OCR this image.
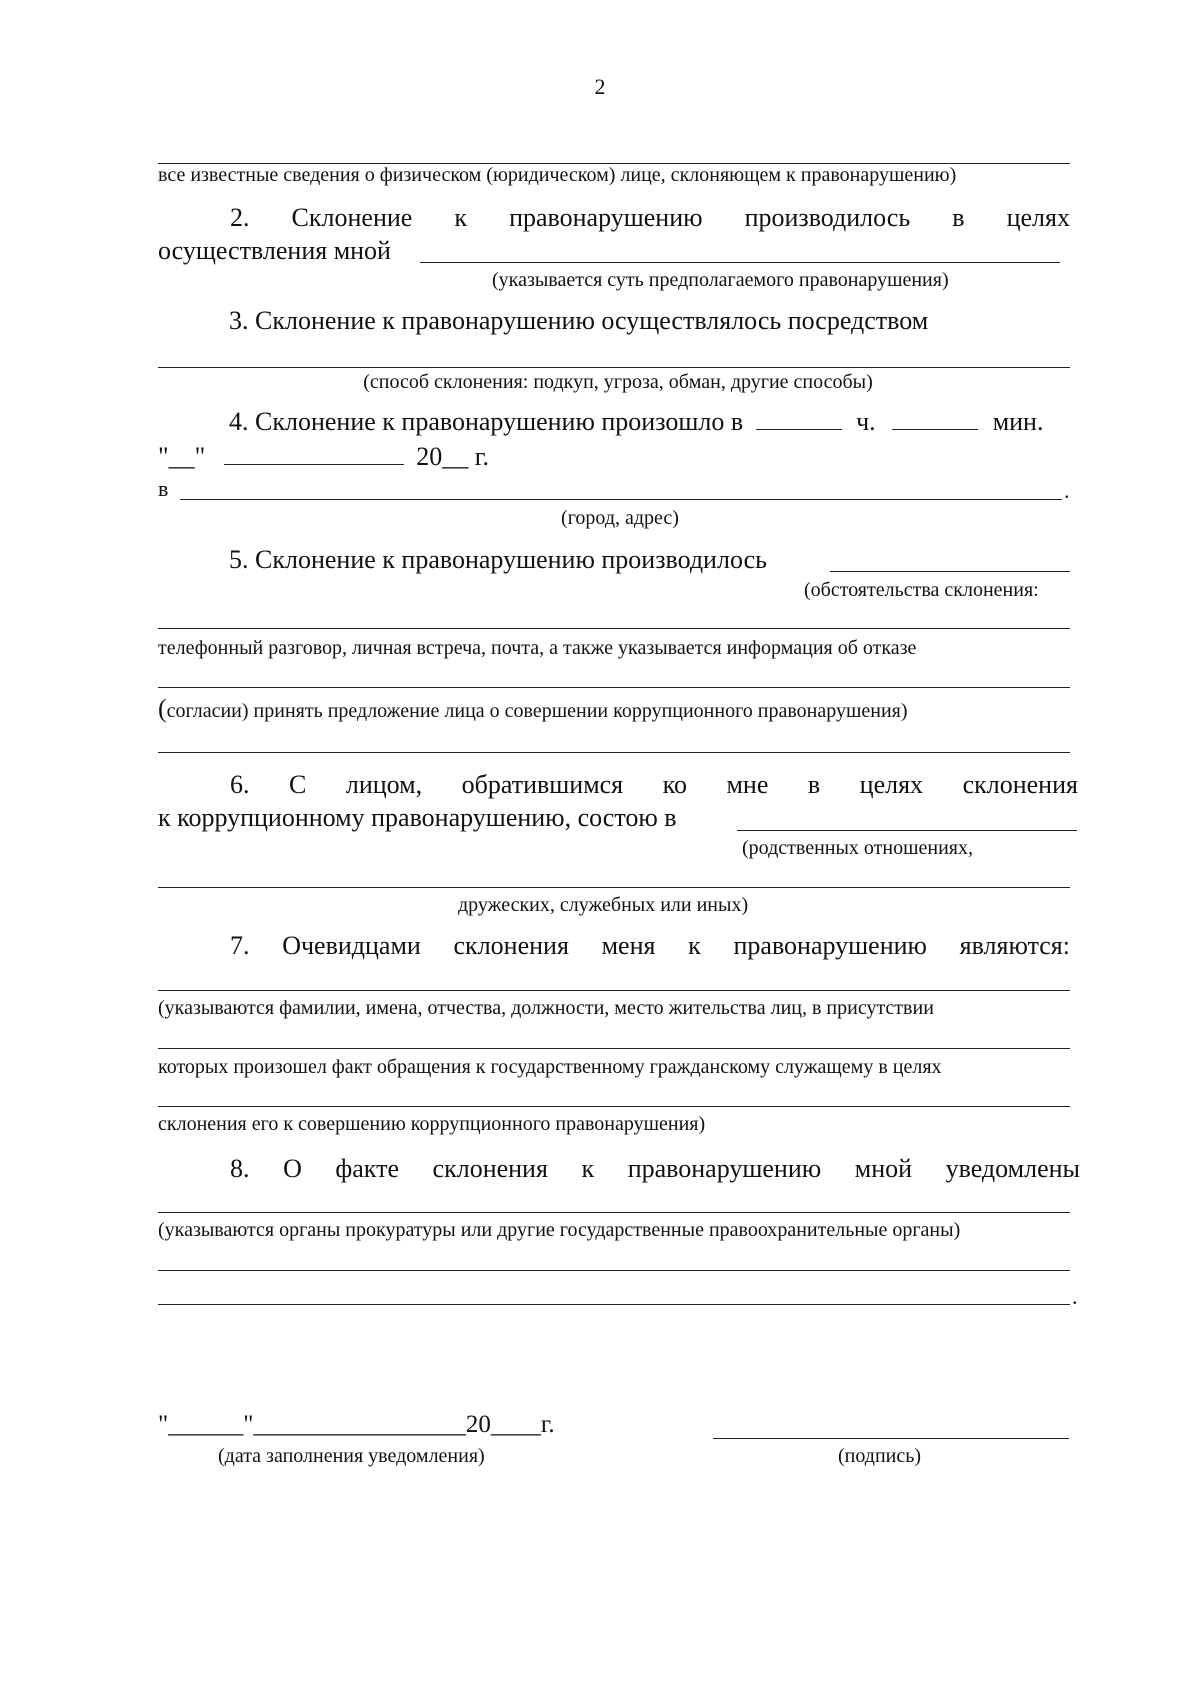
2
все известные сведения о физическом (юридическом) лице, склоняющем к правонарушению)
2. Склонение к правонарушению производилось в целях
осуществления мной
(указывается суть предполагаемого правонарушения)
3. Склонение к правонарушению осуществлялось посредством
(способ склонения: подкуп, угроза, обман, другие способы)
4. Склонение к правонарушению произошло в	ч.	мин.
"__"	20__ г.
в	.
(город, адрес)
5. Склонение к правонарушению производилось
(обстоятельства склонения:
телефонный разговор, личная встреча, почта, а также указывается информация об отказе
(согласии) принять предложение лица о совершении коррупционного правонарушения)
6. С лицом, обратившимся ко мне в целях склонения
к коррупционному правонарушению, состою в
(родственных отношениях,
дружеских, служебных или иных)
7. Очевидцами склонения меня к правонарушению являются:
(указываются фамилии, имена, отчества, должности, место жительства лиц, в присутствии
которых произошел факт обращения к государственному гражданскому служащему в целях
склонения его к совершению коррупционного правонарушения)
8. О факте склонения к правонарушению мной уведомлены
(указываются органы прокуратуры или другие государственные правоохранительные органы)
.
"______"_________________20____г.
(дата заполнения уведомления)	(подпись)
